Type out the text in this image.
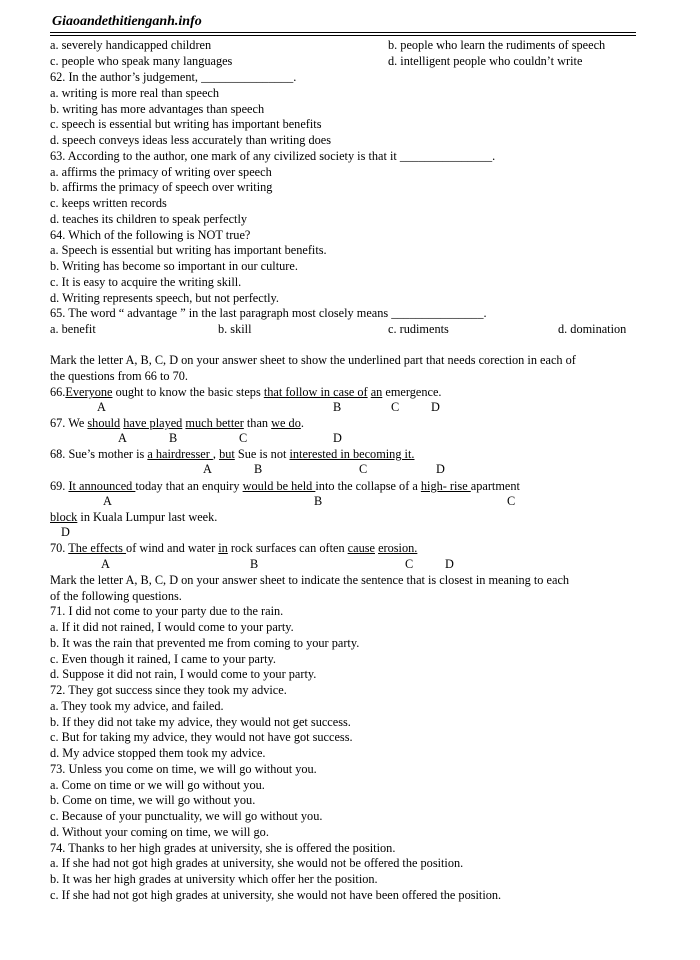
Giaoandethitienganh.info
a. severely handicapped children	b. people who learn the rudiments of speech
c. people who speak many languages	d. intelligent people who couldn’t write
62. In the author’s judgement, _______________.
a. writing is more real than speech
b. writing has more advantages than speech
c. speech is essential but writing has important benefits
d. speech conveys ideas less accurately than writing does
63. According to the author, one mark of any civilized society is that it _______________.
a. affirms the primacy of writing over speech
b. affirms the primacy of speech over writing
c. keeps written records
d. teaches its children to speak perfectly
64. Which of the following is NOT true?
a. Speech is essential but writing has important benefits.
b. Writing has become so important in our culture.
c. It is easy to acquire the writing skill.
d. Writing represents speech, but not perfectly.
65. The word “ advantage ” in the last paragraph most closely means _______________.
a. benefit	b. skill	c. rudiments	d. domination
Mark the letter A, B, C, D on your answer sheet to show the underlined part that needs corection in each of
the questions from 66 to 70.
66.Everyone ought to know the basic steps that follow in case of an emergence.
A	B	C	D
67. We should have played much better than we do.
A	B	C	D
68. Sue’s mother is a hairdresser , but Sue is not interested in becoming it.
A	B	C	D
69. It announced today that an enquiry would be held into the collapse of a high- rise apartment
A	B	C
block in Kuala Lumpur last week.
D
70. The effects of wind and water in rock surfaces can often cause erosion.
A	B	C	D
Mark the letter A, B, C, D on your answer sheet to indicate the sentence that is closest in meaning to each
of the following questions.
71. I did not come to your party due to the rain.
a. If it did not rained, I would come to your party.
b. It was the rain that prevented me from coming to your party.
c. Even though it rained, I came to your party.
d. Suppose it did not rain, I would come to your party.
72. They got success since they took my advice.
a. They took my advice, and failed.
b. If they did not take my advice, they would not get success.
c. But for taking my advice, they would not have got success.
d. My advice stopped them took my advice.
73. Unless you come on time, we will go without you.
a. Come on time or we will go without you.
b. Come on time, we will go without you.
c. Because of your punctuality, we will go without you.
d. Without your coming on time, we will go.
74. Thanks to her high grades at university, she is offered the position.
a. If she had not got high grades at university, she would not be offered the position.
b. It was her high grades at university which offer her the position.
c. If she had not got high grades at university, she would not have been offered the position.
